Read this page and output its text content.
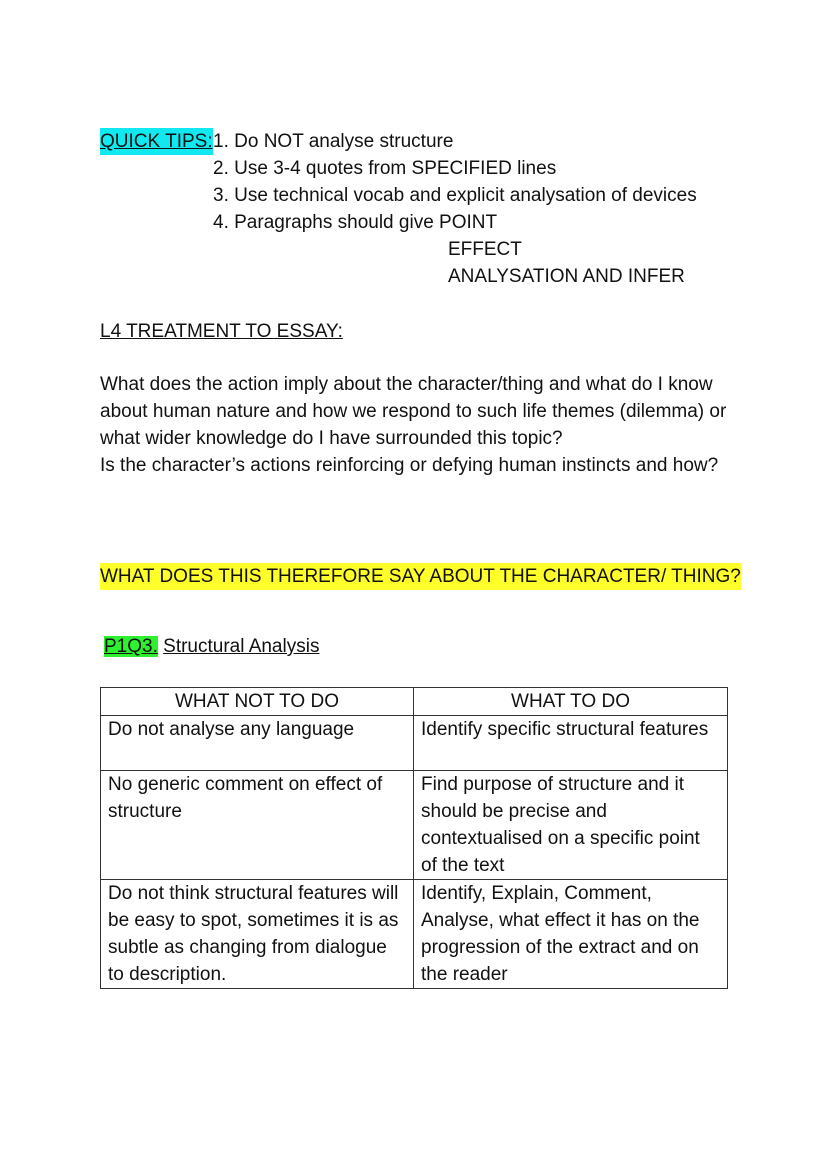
QUICK TIPS: 1. Do NOT analyse structure
2. Use 3-4 quotes from SPECIFIED lines
3. Use technical vocab and explicit analysation of devices
4. Paragraphs should give POINT
EFFECT
ANALYSATION AND INFER
L4 TREATMENT TO ESSAY:

What does the action imply about the character/thing and what do I know about human nature and how we respond to such life themes (dilemma) or what wider knowledge do I have surrounded this topic?

Is the character’s actions reinforcing or defying human instincts and how?

WHAT DOES THIS THEREFORE SAY ABOUT THE CHARACTER/ THING?
P1Q3. Structural Analysis
WHAT NOT TO DO	WHAT TO DO
Do not analyse any language	Identify specific structural features
No generic comment on effect of structure	Find purpose of structure and it should be precise and contextualised on a specific point of the text
Do not think structural features will be easy to spot, sometimes it is as subtle as changing from dialogue to description.	Identify, Explain, Comment, Analyse, what effect it has on the progression of the extract and on the reader
